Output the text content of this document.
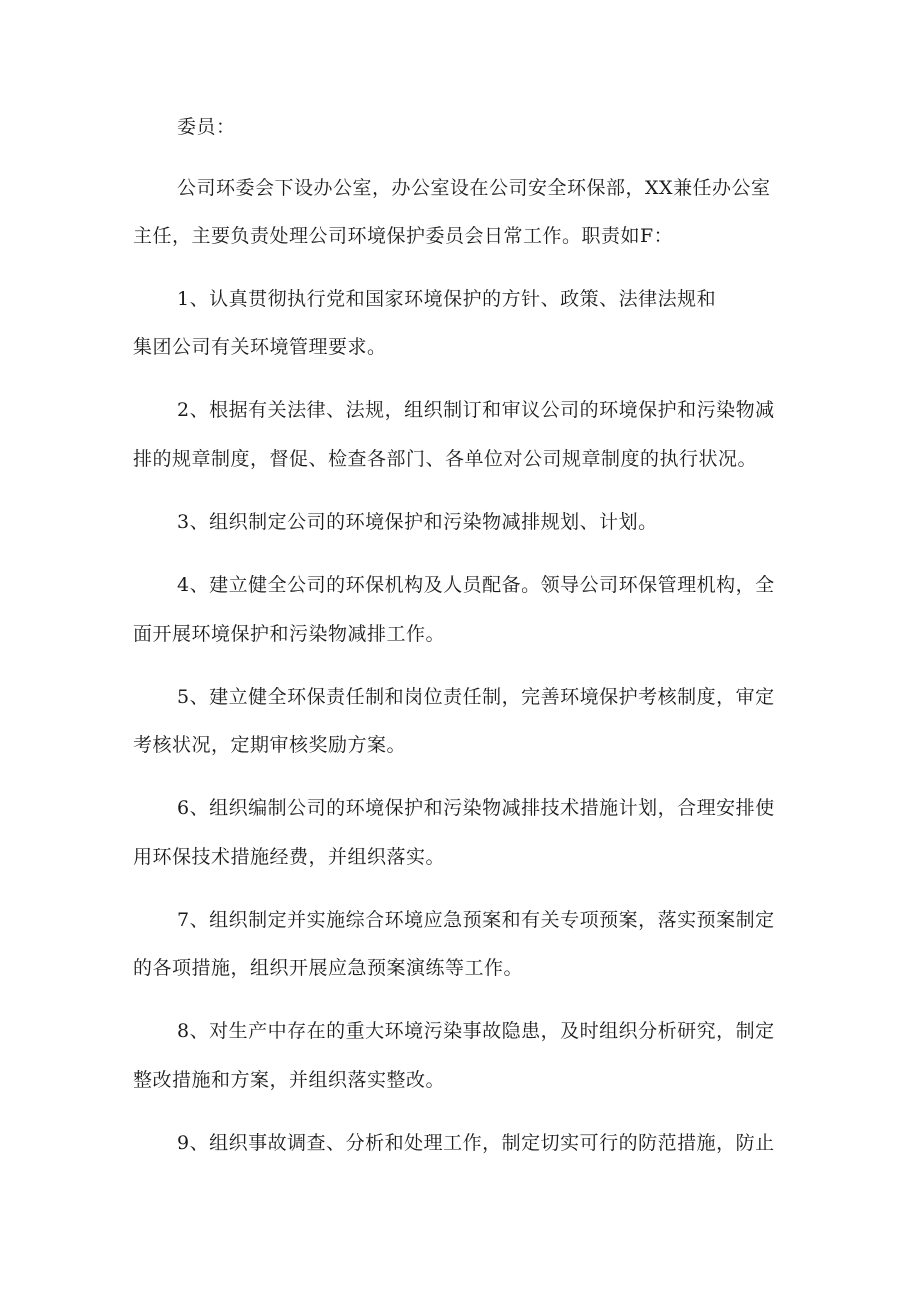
委员：
公司环委会下设办公室，办公室设在公司安全环保部，XX兼任办公室
主任，主要负责处理公司环境保护委员会日常工作。职责如F：
1、认真贯彻执行党和国家环境保护的方针、政策、法律法规和
集团公司有关环境管理要求。
2、根据有关法律、法规，组织制订和审议公司的环境保护和污染物减
排的规章制度，督促、检查各部门、各单位对公司规章制度的执行状况。
3、组织制定公司的环境保护和污染物减排规划、计划。
4、建立健全公司的环保机构及人员配备。领导公司环保管理机构，全
面开展环境保护和污染物减排工作。
5、建立健全环保责任制和岗位责任制，完善环境保护考核制度，审定
考核状况，定期审核奖励方案。
6、组织编制公司的环境保护和污染物减排技术措施计划，合理安排使
用环保技术措施经费，并组织落实。
7、组织制定并实施综合环境应急预案和有关专项预案，落实预案制定
的各项措施，组织开展应急预案演练等工作。
8、对生产中存在的重大环境污染事故隐患，及时组织分析研究，制定
整改措施和方案，并组织落实整改。
9、组织事故调查、分析和处理工作，制定切实可行的防范措施，防止
